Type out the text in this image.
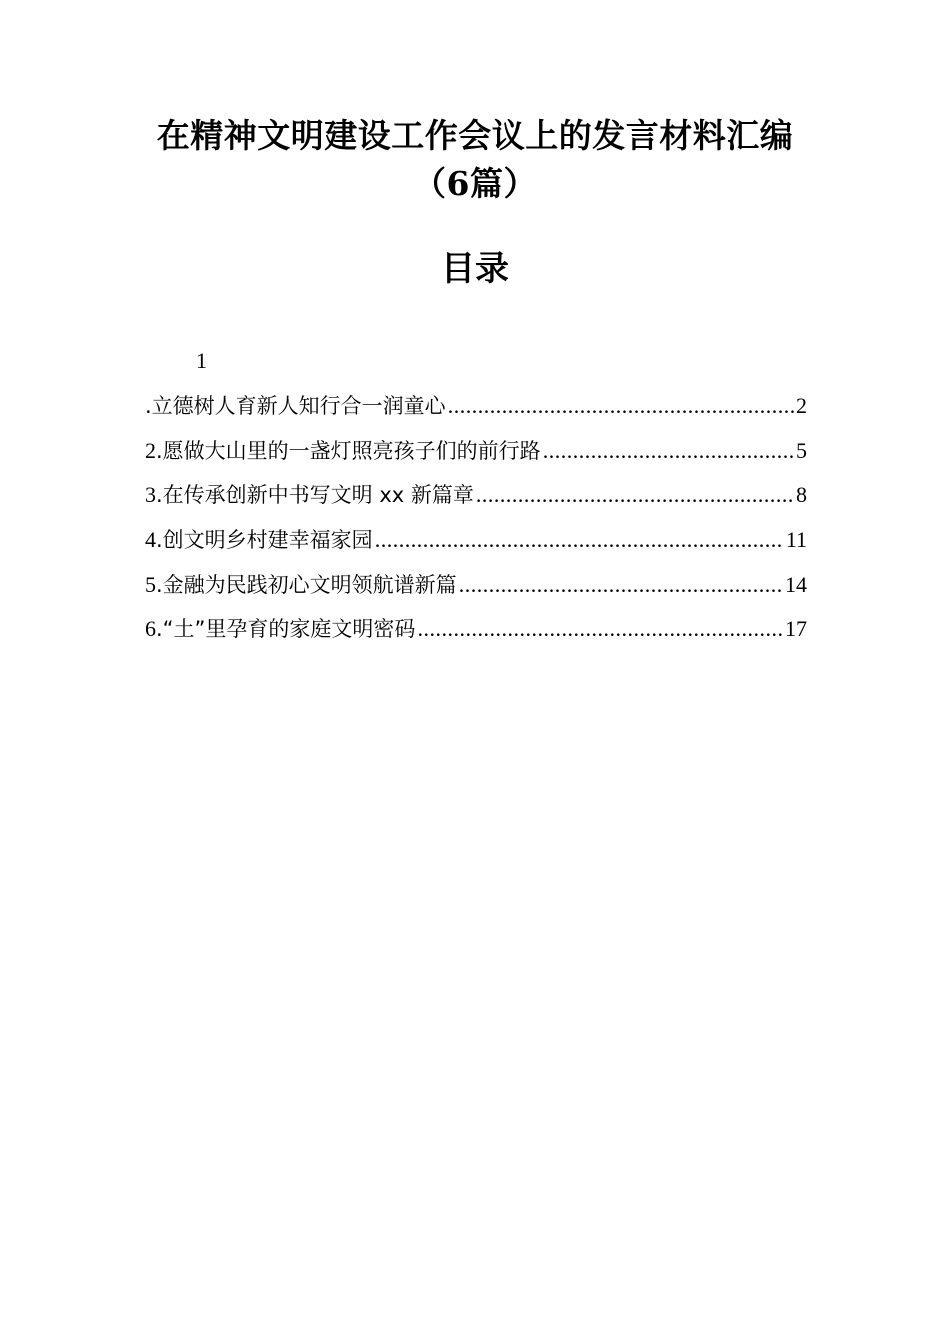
在精神文明建设工作会议上的发言材料汇编（6篇）
目录
1
.立德树人育新人知行合一润童心 .....	2
2.愿做大山里的一盏灯照亮孩子们的前行路 .....	5
3.在传承创新中书写文明 xx 新篇章 .....	8
4.创文明乡村建幸福家园 .....	11
5.金融为民践初心文明领航谱新篇 .....	14
6.“土”里孕育的家庭文明密码 .....	17
